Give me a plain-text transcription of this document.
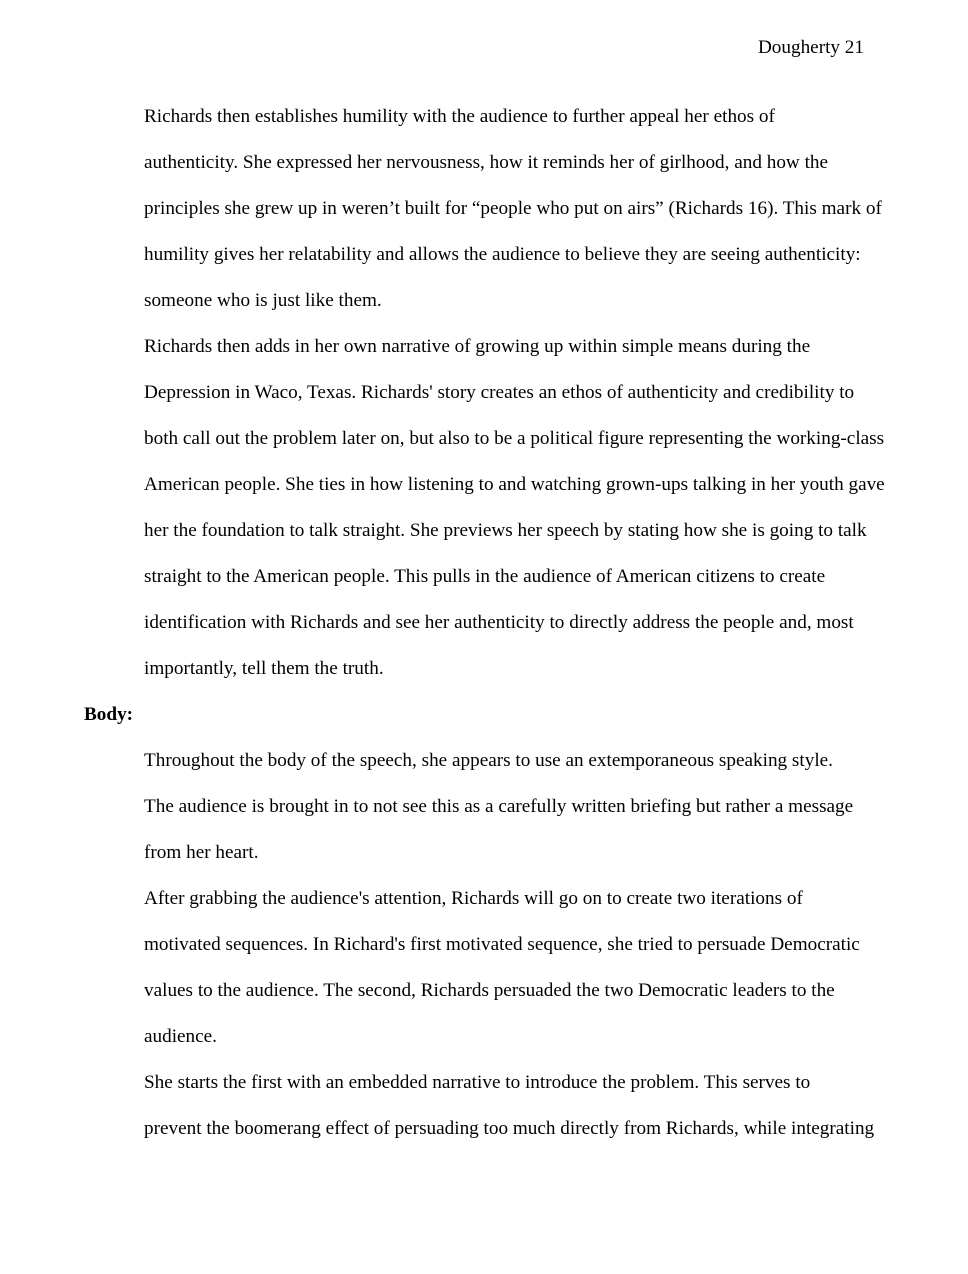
Dougherty 21

Richards then establishes humility with the audience to further appeal her ethos of
authenticity. She expressed her nervousness, how it reminds her of girlhood, and how the
principles she grew up in weren’t built for “people who put on airs” (Richards 16). This mark of
humility gives her relatability and allows the audience to believe they are seeing authenticity:
someone who is just like them.

Richards then adds in her own narrative of growing up within simple means during the
Depression in Waco, Texas. Richards' story creates an ethos of authenticity and credibility to
both call out the problem later on, but also to be a political figure representing the working-class
American people. She ties in how listening to and watching grown-ups talking in her youth gave
her the foundation to talk straight. She previews her speech by stating how she is going to talk
straight to the American people. This pulls in the audience of American citizens to create
identification with Richards and see her authenticity to directly address the people and, most
importantly, tell them the truth.

Body:

Throughout the body of the speech, she appears to use an extemporaneous speaking style.
The audience is brought in to not see this as a carefully written briefing but rather a message
from her heart.

After grabbing the audience's attention, Richards will go on to create two iterations of
motivated sequences. In Richard's first motivated sequence, she tried to persuade Democratic
values to the audience. The second, Richards persuaded the two Democratic leaders to the
audience.

She starts the first with an embedded narrative to introduce the problem. This serves to
prevent the boomerang effect of persuading too much directly from Richards, while integrating
